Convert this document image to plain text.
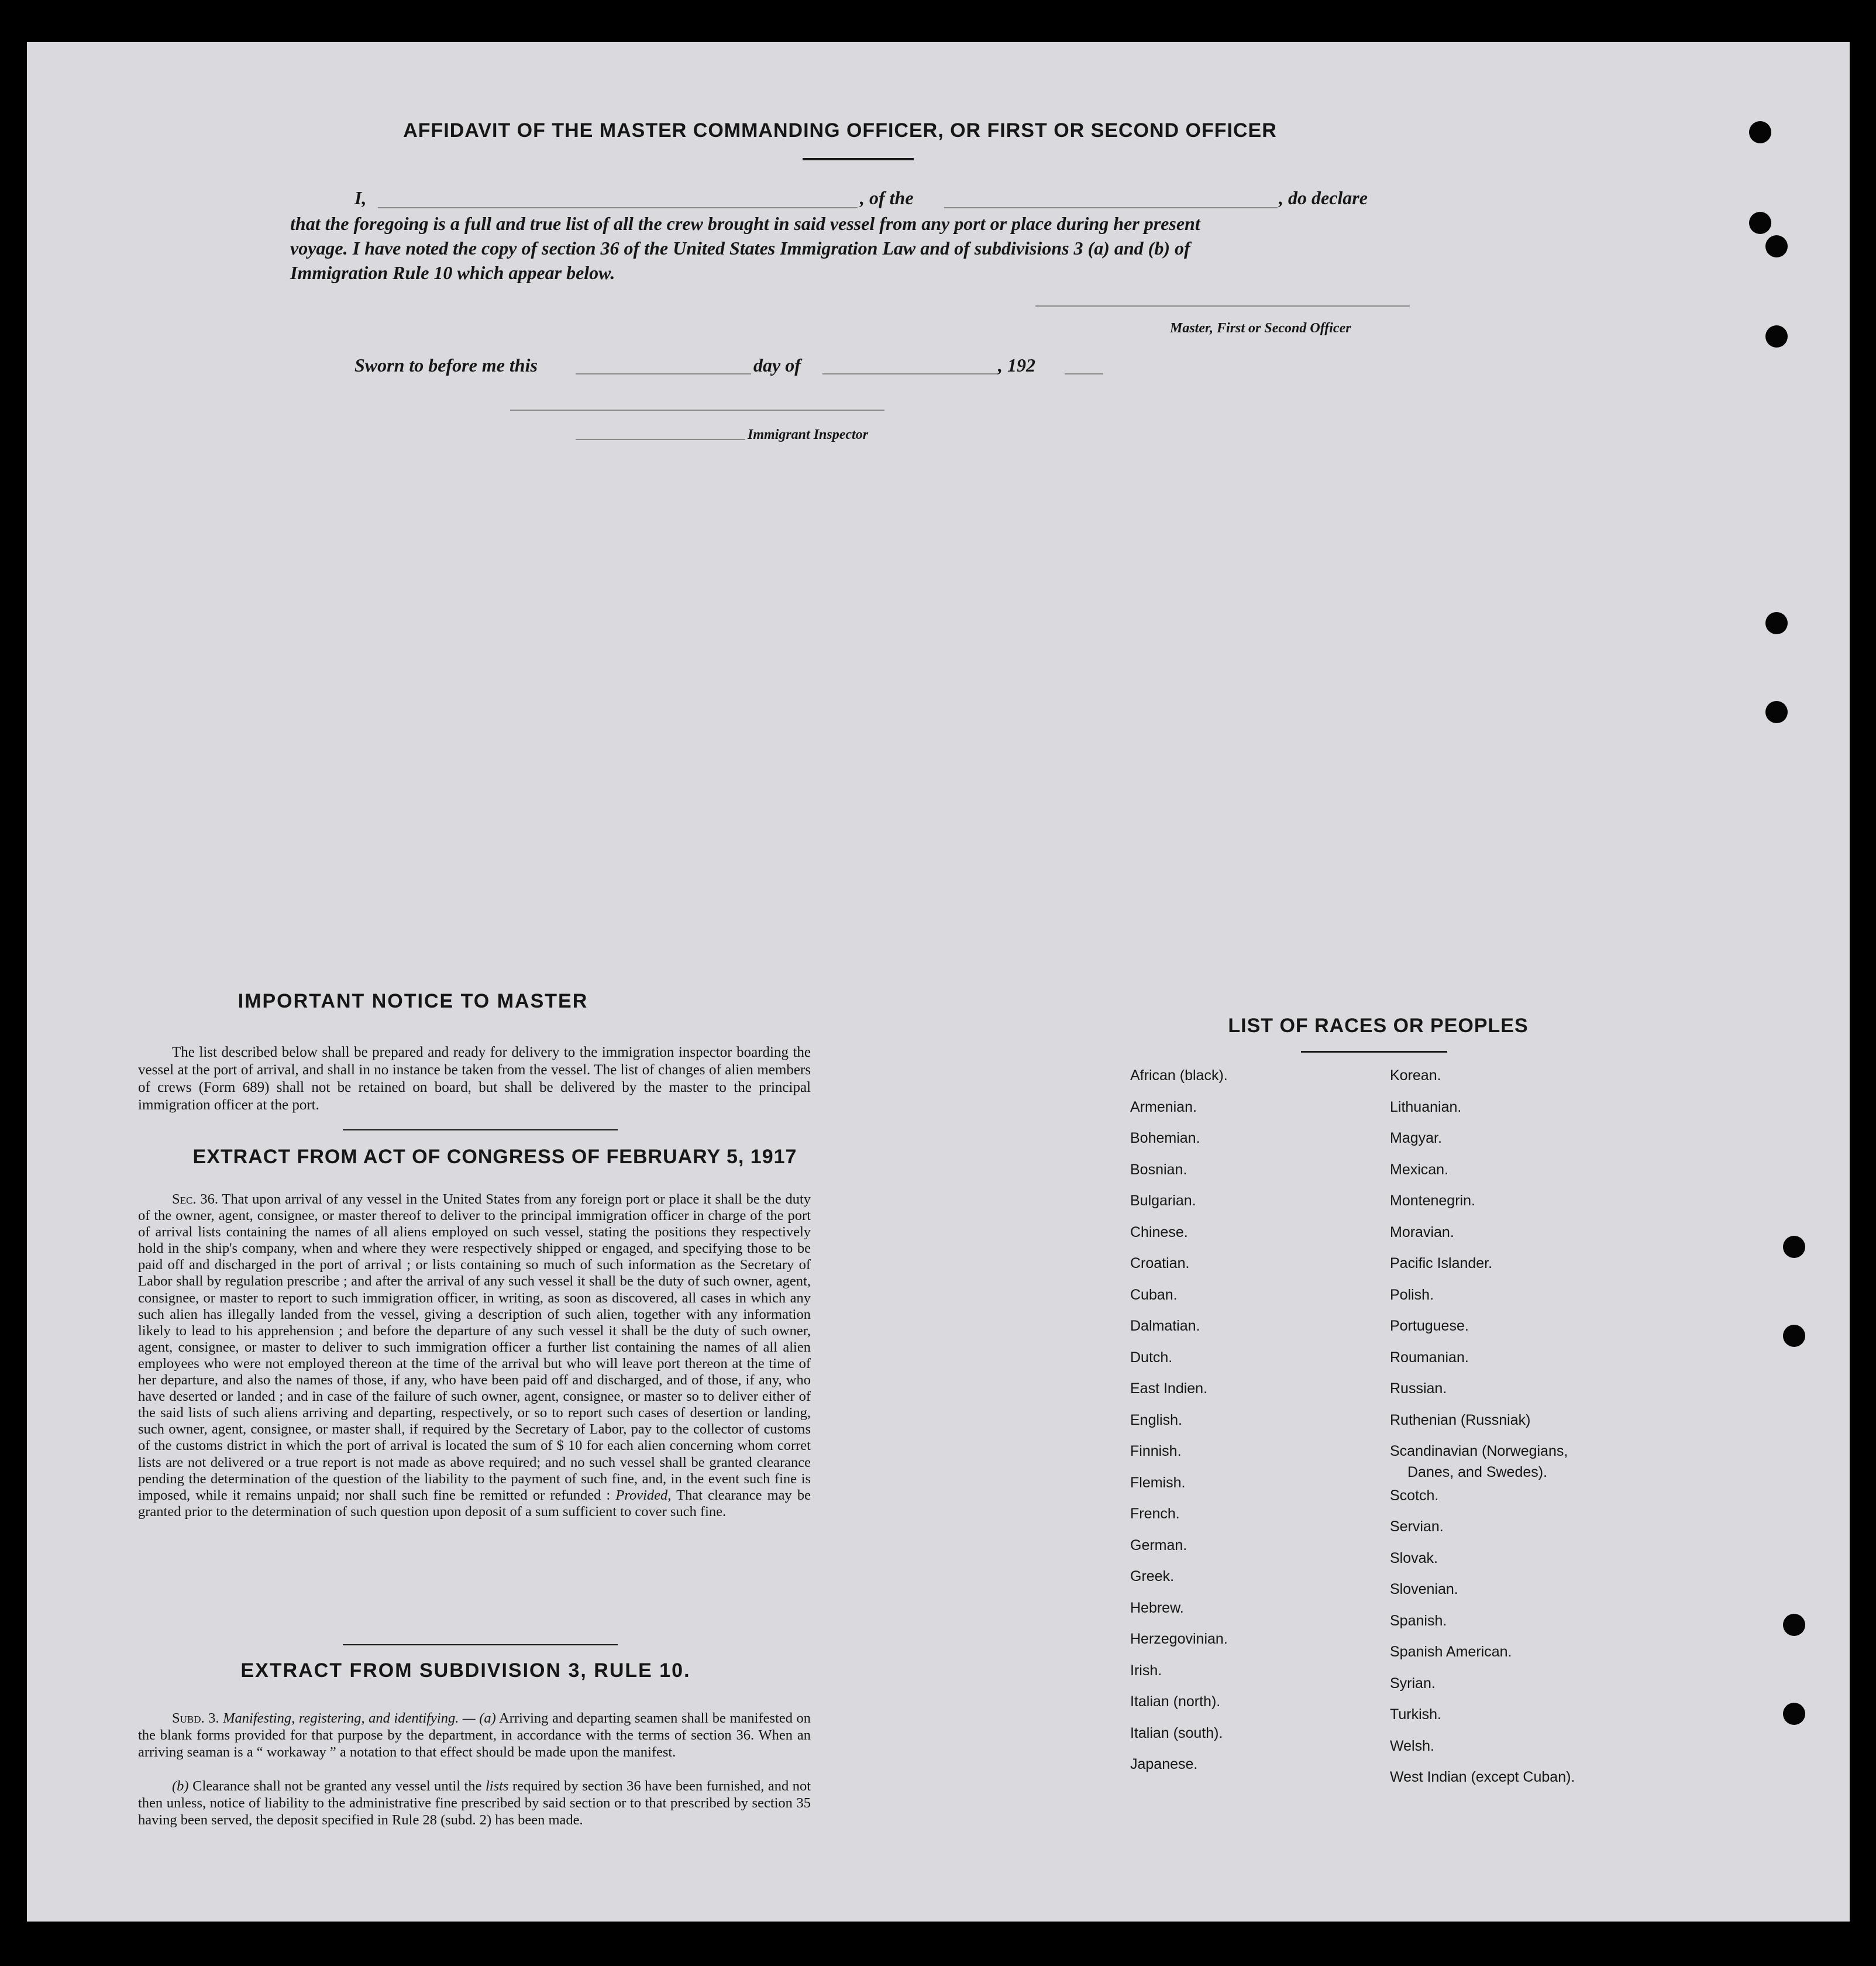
AFFIDAVIT OF THE MASTER COMMANDING OFFICER, OR FIRST OR SECOND OFFICER
I,	, of the	, do declare
that the foregoing is a full and true list of all the crew brought in said vessel from any port or place during her present
voyage. I have noted the copy of section 36 of the United States Immigration Law and of subdivisions 3 (a) and (b) of
Immigration Rule 10 which appear below.
Master, First or Second Officer
Sworn to before me this	day of	, 192
Immigrant Inspector
IMPORTANT NOTICE TO MASTER
The list described below shall be prepared and ready for delivery to the immigration inspector boarding the vessel at the port of arrival, and shall in no instance be taken from the vessel. The list of changes of alien members of crews (Form 689) shall not be retained on board, but shall be delivered by the master to the principal immigration officer at the port.
EXTRACT FROM ACT OF CONGRESS OF FEBRUARY 5, 1917
Sec. 36. That upon arrival of any vessel in the United States from any foreign port or place it shall be the duty of the owner, agent, consignee, or master thereof to deliver to the principal immigration officer in charge of the port of arrival lists containing the names of all aliens employed on such vessel, stating the positions they respectively hold in the ship's company, when and where they were respectively shipped or engaged, and specifying those to be paid off and discharged in the port of arrival ; or lists containing so much of such information as the Secretary of Labor shall by regulation prescribe ; and after the arrival of any such vessel it shall be the duty of such owner, agent, consignee, or master to report to such immigration officer, in writing, as soon as discovered, all cases in which any such alien has illegally landed from the vessel, giving a description of such alien, together with any information likely to lead to his apprehension ; and before the departure of any such vessel it shall be the duty of such owner, agent, consignee, or master to deliver to such immigration officer a further list containing the names of all alien employees who were not employed thereon at the time of the arrival but who will leave port thereon at the time of her departure, and also the names of those, if any, who have been paid off and discharged, and of those, if any, who have deserted or landed ; and in case of the failure of such owner, agent, consignee, or master so to deliver either of the said lists of such aliens arriving and departing, respectively, or so to report such cases of desertion or landing, such owner, agent, consignee, or master shall, if required by the Secretary of Labor, pay to the collector of customs of the customs district in which the port of arrival is located the sum of $ 10 for each alien concerning whom corret lists are not delivered or a true report is not made as above required; and no such vessel shall be granted clearance pending the determination of the question of the liability to the payment of such fine, and, in the event such fine is imposed, while it remains unpaid; nor shall such fine be remitted or refunded : Provided, That clearance may be granted prior to the determination of such question upon deposit of a sum sufficient to cover such fine.
EXTRACT FROM SUBDIVISION 3, RULE 10.
Subd. 3. Manifesting, registering, and identifying. — (a) Arriving and departing seamen shall be manifested on the blank forms provided for that purpose by the department, in accordance with the terms of section 36. When an arriving seaman is a “ workaway ” a notation to that effect should be made upon the manifest.
(b) Clearance shall not be granted any vessel until the lists required by section 36 have been furnished, and not then unless, notice of liability to the administrative fine prescribed by said section or to that prescribed by section 35 having been served, the deposit specified in Rule 28 (subd. 2) has been made.
LIST OF RACES OR PEOPLES
African (black).
Armenian.
Bohemian.
Bosnian.
Bulgarian.
Chinese.
Croatian.
Cuban.
Dalmatian.
Dutch.
East Indien.
English.
Finnish.
Flemish.
French.
German.
Greek.
Hebrew.
Herzegovinian.
Irish.
Italian (north).
Italian (south).
Japanese.
Korean.
Lithuanian.
Magyar.
Mexican.
Montenegrin.
Moravian.
Pacific Islander.
Polish.
Portuguese.
Roumanian.
Russian.
Ruthenian (Russniak)
Scandinavian (Norwegians,
Danes, and Swedes).
Scotch.
Servian.
Slovak.
Slovenian.
Spanish.
Spanish American.
Syrian.
Turkish.
Welsh.
West Indian (except Cuban).
